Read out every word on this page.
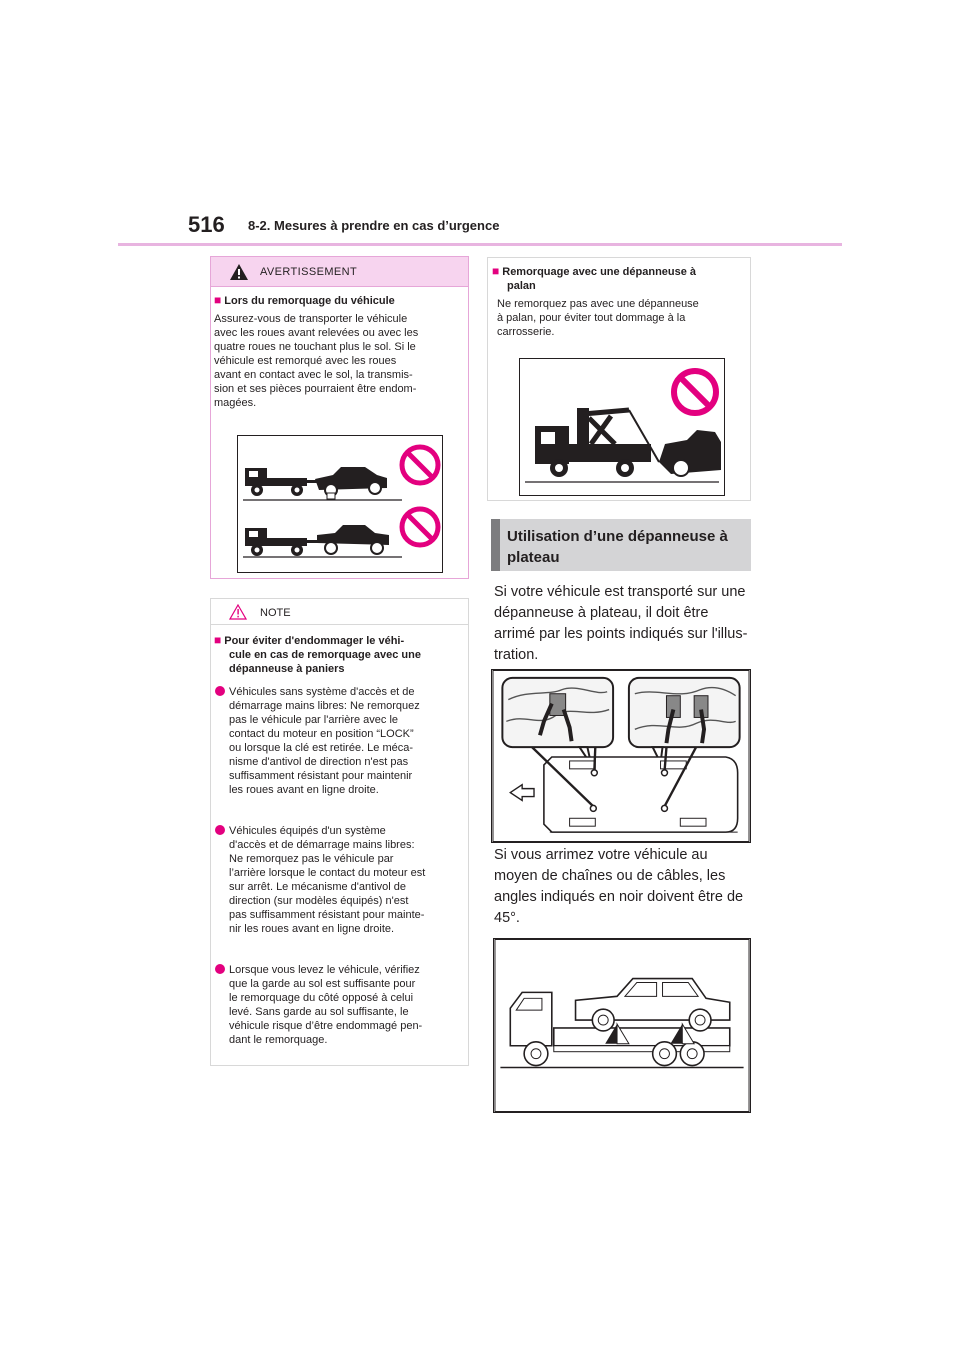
516 8-2. Mesures à prendre en cas d’urgence
AVERTISSEMENT
■ Lors du remorquage du véhicule

Assurez-vous de transporter le véhicule

avec les roues avant relevées ou avec les

quatre roues ne touchant plus le sol. Si le

véhicule est remorqué avec les roues

avant en contact avec le sol, la transmis-

sion et ses pièces pourraient être endom-

magées.

NOTE
■ Pour éviter d'endommager le véhi-
cule en cas de remorquage avec une
dépanneuse à paniers

Véhicules sans système d'accès et de

démarrage mains libres: Ne remorquez

pas le véhicule par l'arrière avec le

contact du moteur en position “LOCK”

ou lorsque la clé est retirée. Le méca-

nisme d'antivol de direction n'est pas

suffisamment résistant pour maintenir

les roues avant en ligne droite.

Véhicules équipés d'un système

d'accès et de démarrage mains libres:

Ne remorquez pas le véhicule par

l’arrière lorsque le contact du moteur est

sur arrêt. Le mécanisme d'antivol de

direction (sur modèles équipés) n'est

pas suffisamment résistant pour mainte-

nir les roues avant en ligne droite.

Lorsque vous levez le véhicule, vérifiez

que la garde au sol est suffisante pour

le remorquage du côté opposé à celui

levé. Sans garde au sol suffisante, le

véhicule risque d’être endommagé pen-

dant le remorquage.

■ Remorquage avec une dépanneuse à
palan

Ne remorquez pas avec une dépanneuse

à palan, pour éviter tout dommage à la

carrosserie.

Utilisation d’une dépanneuse à
plateau
Si votre véhicule est transporté sur une
dépanneuse à plateau, il doit être
arrimé par les points indiqués sur l'illus-
tration.
Si vous arrimez votre véhicule au
moyen de chaînes ou de câbles, les
angles indiqués en noir doivent être de
45°.
